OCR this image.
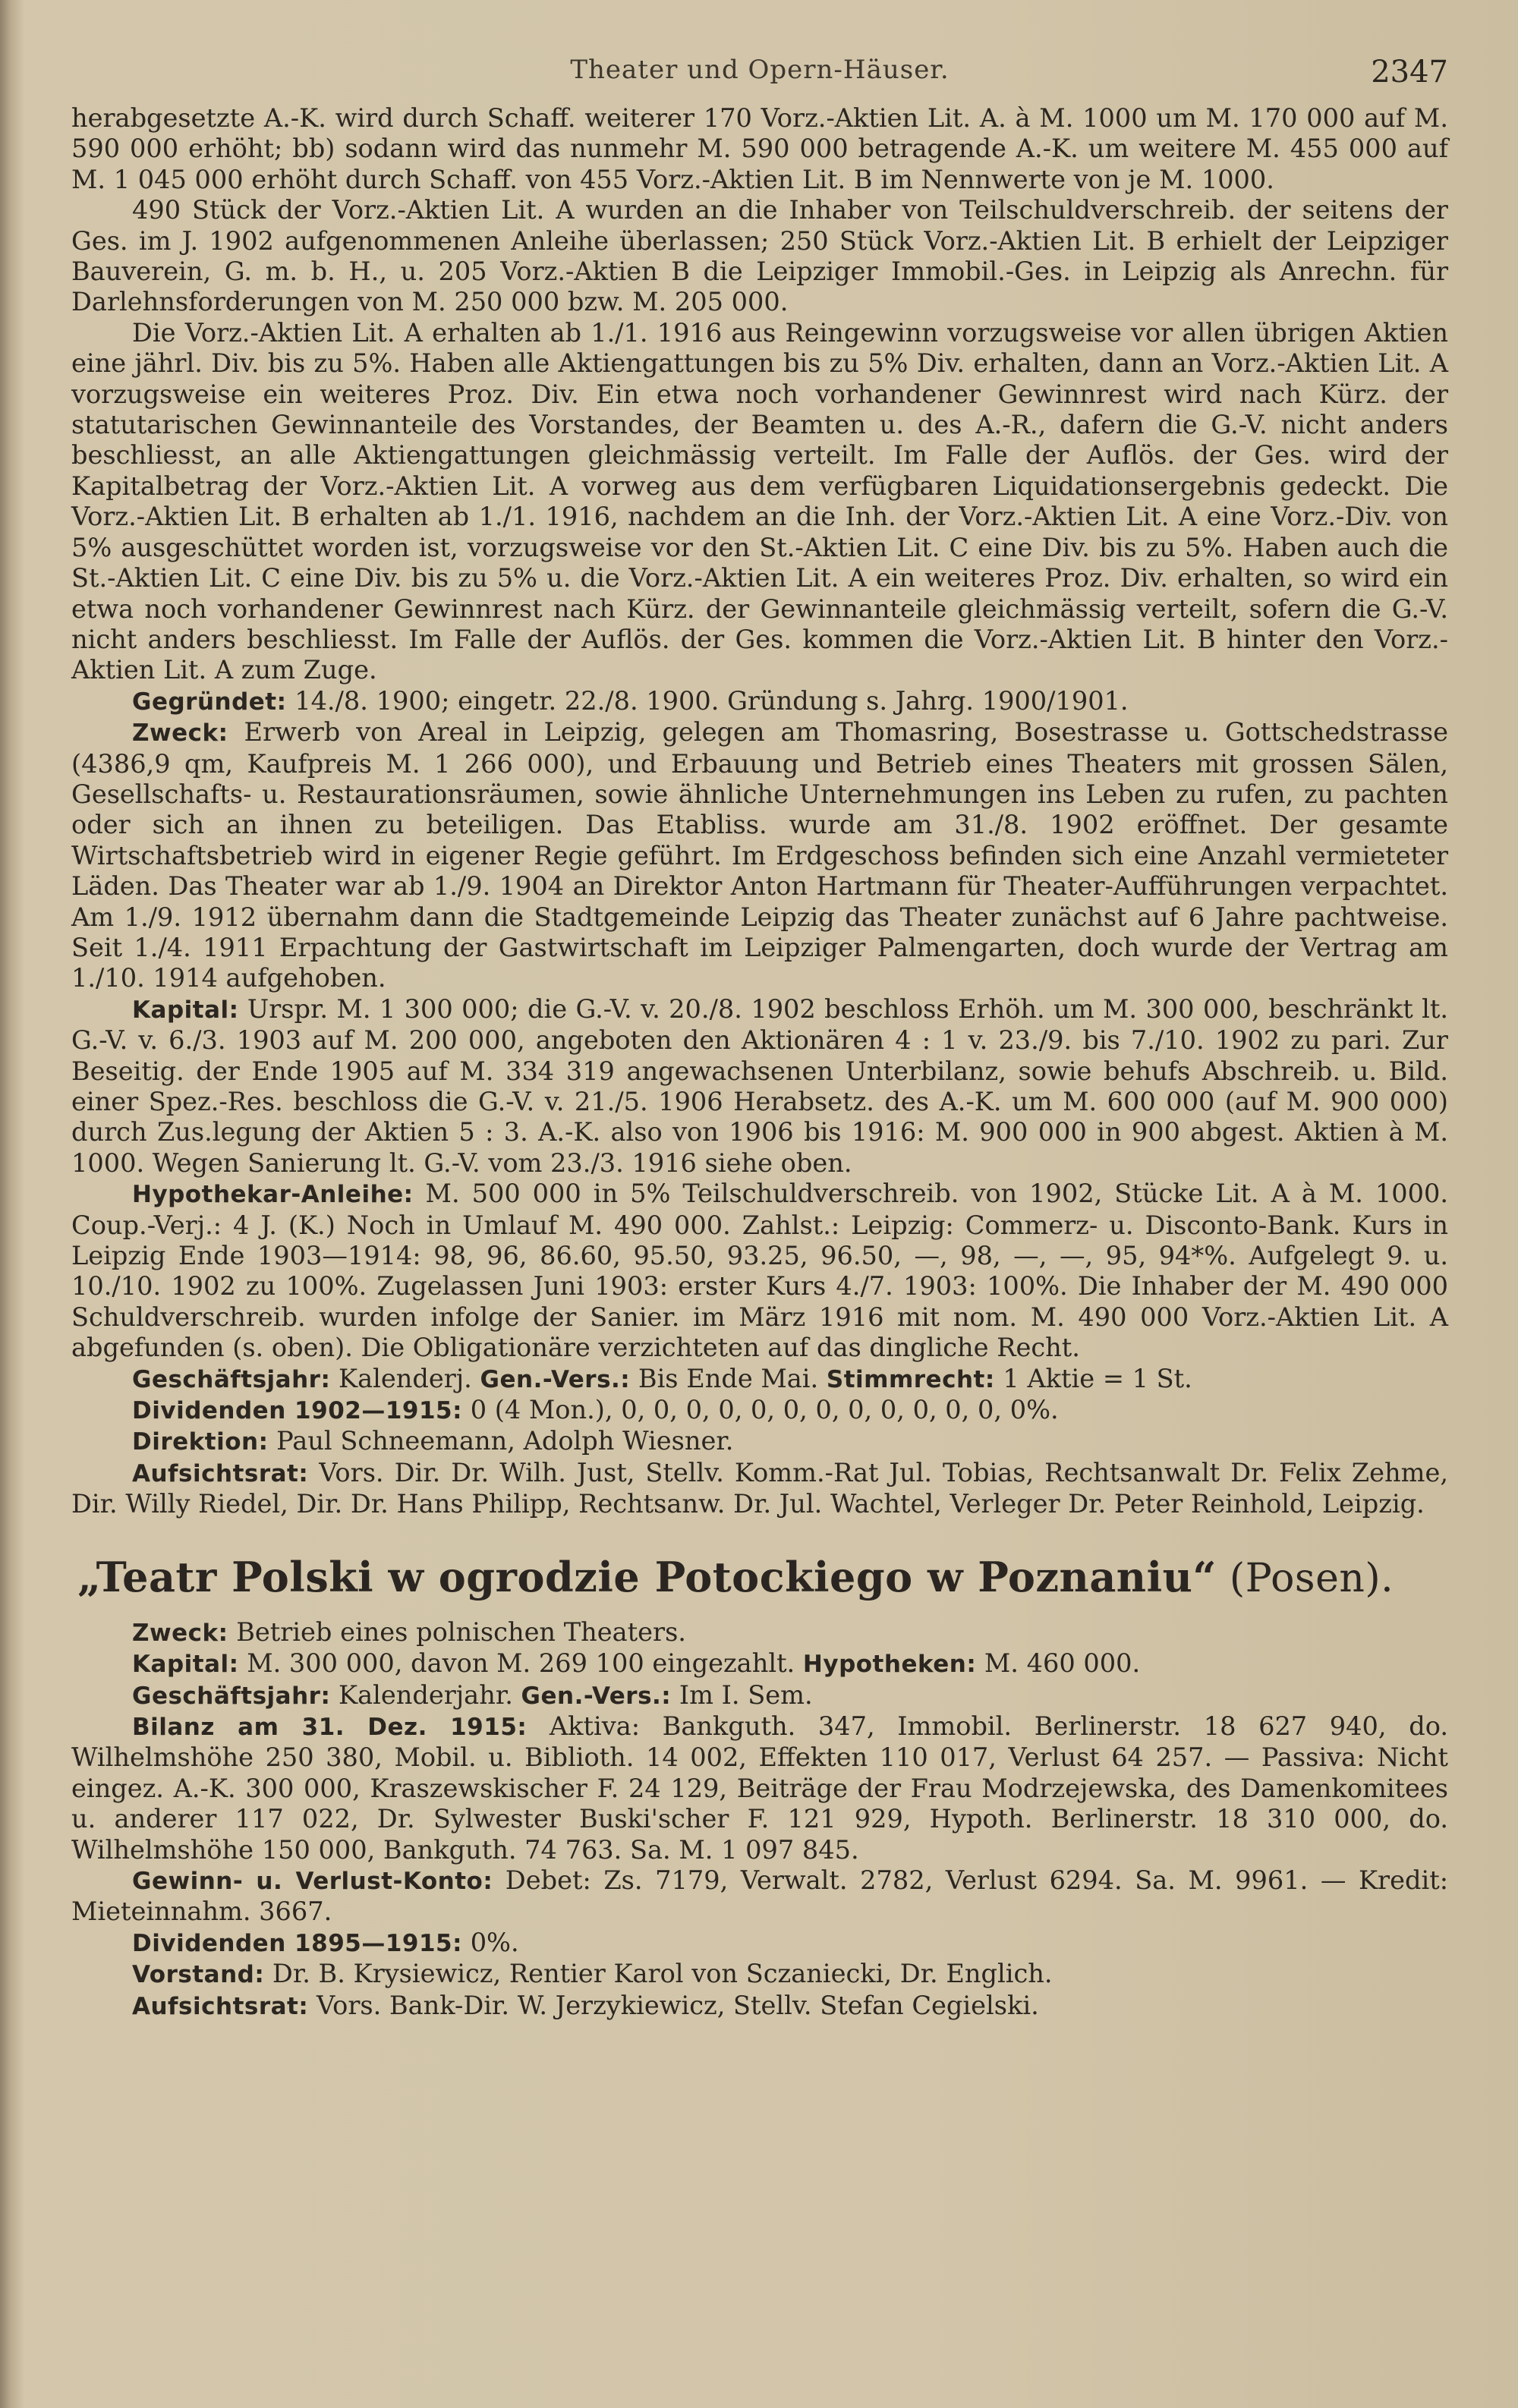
Theater und Opern-Häuser.	2347

herabgesetzte A.-K. wird durch Schaff. weiterer 170 Vorz.-Aktien Lit. A. à M. 1000 um M. 170 000 auf M. 590 000 erhöht; bb) sodann wird das nunmehr M. 590 000 betragende A.-K. um weitere M. 455 000 auf M. 1 045 000 erhöht durch Schaff. von 455 Vorz.-Aktien Lit. B im Nennwerte von je M. 1000.

490 Stück der Vorz.-Aktien Lit. A wurden an die Inhaber von Teilschuldverschreib. der seitens der Ges. im J. 1902 aufgenommenen Anleihe überlassen; 250 Stück Vorz.-Aktien Lit. B erhielt der Leipziger Bauverein, G. m. b. H., u. 205 Vorz.-Aktien B die Leipziger Immobil.-Ges. in Leipzig als Anrechn. für Darlehnsforderungen von M. 250 000 bzw. M. 205 000.

Die Vorz.-Aktien Lit. A erhalten ab 1./1. 1916 aus Reingewinn vorzugsweise vor allen übrigen Aktien eine jährl. Div. bis zu 5%. Haben alle Aktiengattungen bis zu 5% Div. erhalten, dann an Vorz.-Aktien Lit. A vorzugsweise ein weiteres Proz. Div. Ein etwa noch vorhandener Gewinnrest wird nach Kürz. der statutarischen Gewinnanteile des Vorstandes, der Beamten u. des A.-R., dafern die G.-V. nicht anders beschliesst, an alle Aktiengattungen gleichmässig verteilt. Im Falle der Auflös. der Ges. wird der Kapitalbetrag der Vorz.-Aktien Lit. A vorweg aus dem verfügbaren Liquidationsergebnis gedeckt. Die Vorz.-Aktien Lit. B erhalten ab 1./1. 1916, nachdem an die Inh. der Vorz.-Aktien Lit. A eine Vorz.-Div. von 5% ausgeschüttet worden ist, vorzugsweise vor den St.-Aktien Lit. C eine Div. bis zu 5%. Haben auch die St.-Aktien Lit. C eine Div. bis zu 5% u. die Vorz.-Aktien Lit. A ein weiteres Proz. Div. erhalten, so wird ein etwa noch vorhandener Gewinnrest nach Kürz. der Gewinnanteile gleichmässig verteilt, sofern die G.-V. nicht anders beschliesst. Im Falle der Auflös. der Ges. kommen die Vorz.-Aktien Lit. B hinter den Vorz.-Aktien Lit. A zum Zuge.

Gegründet: 14./8. 1900; eingetr. 22./8. 1900. Gründung s. Jahrg. 1900/1901.

Zweck: Erwerb von Areal in Leipzig, gelegen am Thomasring, Bosestrasse u. Gottschedstrasse (4386,9 qm, Kaufpreis M. 1 266 000), und Erbauung und Betrieb eines Theaters mit grossen Sälen, Gesellschafts- u. Restaurationsräumen, sowie ähnliche Unternehmungen ins Leben zu rufen, zu pachten oder sich an ihnen zu beteiligen. Das Etabliss. wurde am 31./8. 1902 eröffnet. Der gesamte Wirtschaftsbetrieb wird in eigener Regie geführt. Im Erdgeschoss befinden sich eine Anzahl vermieteter Läden. Das Theater war ab 1./9. 1904 an Direktor Anton Hartmann für Theater-Aufführungen verpachtet. Am 1./9. 1912 übernahm dann die Stadtgemeinde Leipzig das Theater zunächst auf 6 Jahre pachtweise. Seit 1./4. 1911 Erpachtung der Gastwirtschaft im Leipziger Palmengarten, doch wurde der Vertrag am 1./10. 1914 aufgehoben.

Kapital: Urspr. M. 1 300 000; die G.-V. v. 20./8. 1902 beschloss Erhöh. um M. 300 000, beschränkt lt. G.-V. v. 6./3. 1903 auf M. 200 000, angeboten den Aktionären 4 : 1 v. 23./9. bis 7./10. 1902 zu pari. Zur Beseitig. der Ende 1905 auf M. 334 319 angewachsenen Unterbilanz, sowie behufs Abschreib. u. Bild. einer Spez.-Res. beschloss die G.-V. v. 21./5. 1906 Herabsetz. des A.-K. um M. 600 000 (auf M. 900 000) durch Zus.legung der Aktien 5 : 3. A.-K. also von 1906 bis 1916: M. 900 000 in 900 abgest. Aktien à M. 1000. Wegen Sanierung lt. G.-V. vom 23./3. 1916 siehe oben.

Hypothekar-Anleihe: M. 500 000 in 5% Teilschuldverschreib. von 1902, Stücke Lit. A à M. 1000. Coup.-Verj.: 4 J. (K.) Noch in Umlauf M. 490 000. Zahlst.: Leipzig: Commerz- u. Disconto-Bank. Kurs in Leipzig Ende 1903—1914: 98, 96, 86.60, 95.50, 93.25, 96.50, —, 98, —, —, 95, 94*%. Aufgelegt 9. u. 10./10. 1902 zu 100%. Zugelassen Juni 1903: erster Kurs 4./7. 1903: 100%. Die Inhaber der M. 490 000 Schuldverschreib. wurden infolge der Sanier. im März 1916 mit nom. M. 490 000 Vorz.-Aktien Lit. A abgefunden (s. oben). Die Obligationäre verzichteten auf das dingliche Recht.

Geschäftsjahr: Kalenderj. Gen.-Vers.: Bis Ende Mai. Stimmrecht: 1 Aktie = 1 St.

Dividenden 1902—1915: 0 (4 Mon.), 0, 0, 0, 0, 0, 0, 0, 0, 0, 0, 0, 0, 0%.

Direktion: Paul Schneemann, Adolph Wiesner.

Aufsichtsrat: Vors. Dir. Dr. Wilh. Just, Stellv. Komm.-Rat Jul. Tobias, Rechtsanwalt Dr. Felix Zehme, Dir. Willy Riedel, Dir. Dr. Hans Philipp, Rechtsanw. Dr. Jul. Wachtel, Verleger Dr. Peter Reinhold, Leipzig.

„Teatr Polski w ogrodzie Potockiego w Poznaniu“ (Posen).

Zweck: Betrieb eines polnischen Theaters.

Kapital: M. 300 000, davon M. 269 100 eingezahlt. Hypotheken: M. 460 000.

Geschäftsjahr: Kalenderjahr. Gen.-Vers.: Im I. Sem.

Bilanz am 31. Dez. 1915: Aktiva: Bankguth. 347, Immobil. Berlinerstr. 18 627 940, do. Wilhelmshöhe 250 380, Mobil. u. Biblioth. 14 002, Effekten 110 017, Verlust 64 257. — Passiva: Nicht eingez. A.-K. 300 000, Kraszewskischer F. 24 129, Beiträge der Frau Modrzejewska, des Damenkomitees u. anderer 117 022, Dr. Sylwester Buski'scher F. 121 929, Hypoth. Berlinerstr. 18 310 000, do. Wilhelmshöhe 150 000, Bankguth. 74 763. Sa. M. 1 097 845.

Gewinn- u. Verlust-Konto: Debet: Zs. 7179, Verwalt. 2782, Verlust 6294. Sa. M. 9961. — Kredit: Mieteinnahm. 3667.

Dividenden 1895—1915: 0%.

Vorstand: Dr. B. Krysiewicz, Rentier Karol von Sczaniecki, Dr. Englich.

Aufsichtsrat: Vors. Bank-Dir. W. Jerzykiewicz, Stellv. Stefan Cegielski.
